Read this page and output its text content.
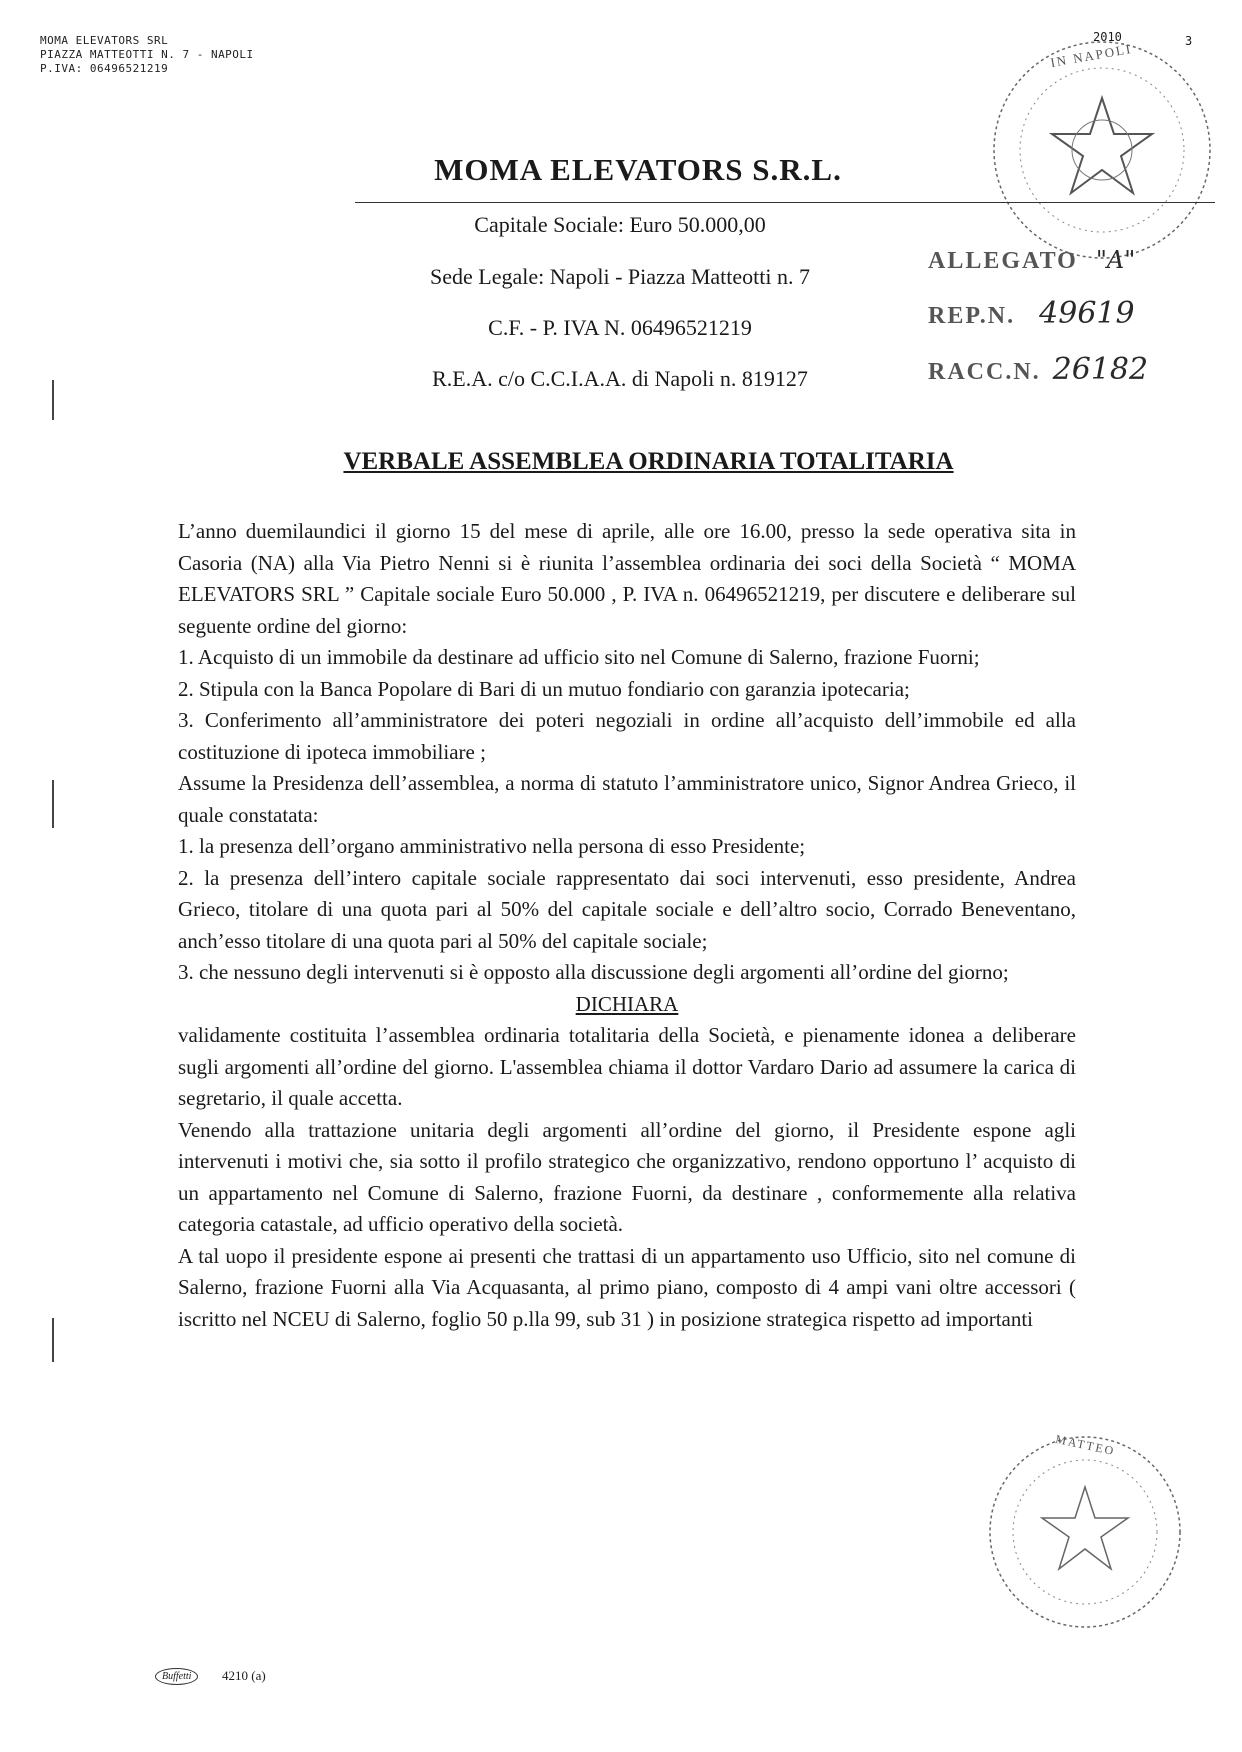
MOMA ELEVATORS SRL
PIAZZA MATTEOTTI N. 7 - NAPOLI
P.IVA: 06496521219
2010	3
IN NAPOLI
MOMA ELEVATORS S.R.L.
Capitale Sociale: Euro 50.000,00
Sede Legale: Napoli - Piazza Matteotti n. 7
C.F. - P. IVA N. 06496521219
R.E.A. c/o C.C.I.A.A. di Napoli n. 819127
ALLEGATO "A"
REP.N. 49619
RACC.N. 26182
VERBALE ASSEMBLEA ORDINARIA TOTALITARIA

L’anno duemilaundici il giorno 15 del mese di aprile, alle ore 16.00, presso la sede operativa sita in Casoria (NA) alla Via Pietro Nenni si è riunita l’assemblea ordinaria dei soci della Società “ MOMA ELEVATORS SRL ” Capitale sociale Euro 50.000 , P. IVA n. 06496521219, per discutere e deliberare sul seguente ordine del giorno:

1. Acquisto di un immobile da destinare ad ufficio sito nel Comune di Salerno, frazione Fuorni;

2. Stipula con la Banca Popolare di Bari di un mutuo fondiario con garanzia ipotecaria;

3. Conferimento all’amministratore dei poteri negoziali in ordine all’acquisto dell’immobile ed alla costituzione di ipoteca immobiliare ;

Assume la Presidenza dell’assemblea, a norma di statuto l’amministratore unico, Signor Andrea Grieco, il quale constatata:

1. la presenza dell’organo amministrativo nella persona di esso Presidente;

2. la presenza dell’intero capitale sociale rappresentato dai soci intervenuti, esso presidente, Andrea Grieco, titolare di una quota pari al 50% del capitale sociale e dell’altro socio, Corrado Beneventano, anch’esso titolare di una quota pari al 50% del capitale sociale;

3. che nessuno degli intervenuti si è opposto alla discussione degli argomenti all’ordine del giorno;

DICHIARA

validamente costituita l’assemblea ordinaria totalitaria della Società, e pienamente idonea a deliberare sugli argomenti all’ordine del giorno. L'assemblea chiama il dottor Vardaro Dario ad assumere la carica di segretario, il quale accetta.

Venendo alla trattazione unitaria degli argomenti all’ordine del giorno, il Presidente espone agli intervenuti i motivi che, sia sotto il profilo strategico che organizzativo, rendono opportuno l’ acquisto di un appartamento nel Comune di Salerno, frazione Fuorni, da destinare , conformemente alla relativa categoria catastale, ad ufficio operativo della società.

A tal uopo il presidente espone ai presenti che trattasi di un appartamento uso Ufficio, sito nel comune di Salerno, frazione Fuorni alla Via Acquasanta, al primo piano, composto di 4 ampi vani oltre accessori ( iscritto nel NCEU di Salerno, foglio 50 p.lla 99, sub 31 ) in posizione strategica rispetto ad importanti

MATTEO
Buffetti	4210 (a)
